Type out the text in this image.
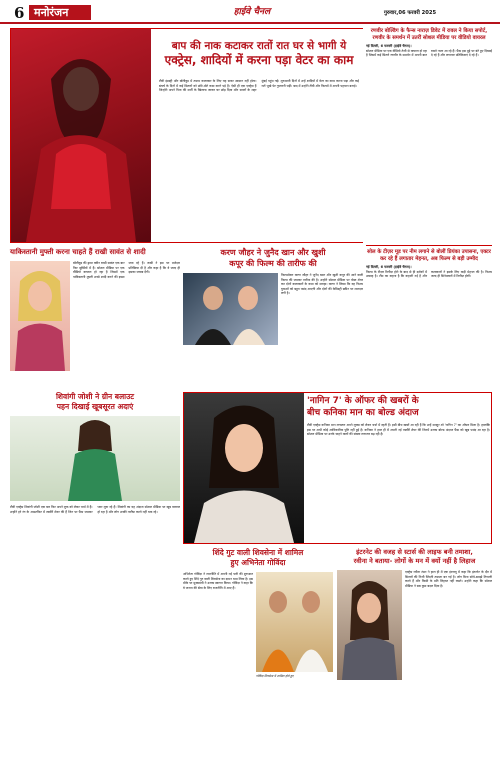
6 मनोरंजन	हाईवे चैनल	गुरुवार,06 फरवरी 2025
बाप की नाक कटाकर रातों रात घर से भागी ये
एक्ट्रेस, शादियों में करना पड़ा वेटर का काम
टीवी इंडस्ट्री और बॉलीवुड में तमाम कलाकार के लिए यह सफर आसान नहीं होता। संघर्ष के दिनों में कई सितारों को छोटे-मोटे काम करने पड़े हैं। ऐसी ही एक एक्ट्रेस हैं जिन्होंने अपने पिता की मर्जी के खिलाफ जाकर घर छोड़ दिया और सपनों के शहर मुंबई पहुंच गईं। शुरुआती दिनों में उन्हें शादियों में वेटर का काम करना पड़ा और कई रातें भूखे पेट गुजारनी पड़ीं। बाद में उन्होंने टीवी और फिल्मों में अपनी पहचान बनाई।
रणवीर बोल्डिंग के फैन्स नाराज़ डिवेट में रावल ने किया सपोर्ट, रणवीर के समर्थन में उतरीं सोशल मीडिया पर वीडियो वायरल
नई दिल्ली, 6 फरवरी (हाईवे चैनल)।
सोशल मीडिया पर एक वीडियो तेजी से वायरल हो रहा है जिसमें कई सितारे रणवीर के समर्थन में अपनी बात रखते नजर आ रहे हैं। फैंस इस मुद्दे पर बंटे हुए दिखाई दे रहे हैं और लगातार प्रतिक्रियाएं दे रहे हैं।
सोल के टीज़र मूड पर नीम लगाने से बोलीं प्रियंका उपासना, एक्टर कर रहे हैं लगातार मेहनत, अब फिल्म से बड़ी उम्मीद
नई दिल्ली, 6 फरवरी (हाईवे चैनल)।
फिल्म के टीज़र रिलीज़ होने के बाद से ही दर्शकों में उत्साह है। टीम का कहना है कि कहानी नई है और कलाकारों ने इसके लिए कड़ी मेहनत की है। फिल्म जल्द ही सिनेमाघरों में रिलीज़ होगी।
याकिस्तानी मुफ्ती करना चाहते हैं राखी सावंत से शादी
बॉलीवुड की ड्रामा क्वीन राखी सावंत एक बार फिर सुर्खियों में हैं। सोशल मीडिया पर एक वीडियो वायरल हो रहा है जिसमें एक पाकिस्तानी मुफ्ती उनसे शादी करने की इच्छा जता रहे हैं। राखी ने इस पर मजेदार प्रतिक्रिया दी है और कहा है कि वे जल्द ही इसका जवाब देंगी।
करण जौहर ने जुनैद खान और खुशी
कपूर की फिल्म की तारीफ की
फिल्ममेकर करण जौहर ने जुनैद खान और खुशी कपूर की आने वाली फिल्म की जमकर तारीफ की है। उन्होंने सोशल मीडिया पर पोस्ट शेयर कर दोनों कलाकारों के काम को सराहा। करण ने लिखा कि यह फिल्म युवाओं को बहुत पसंद आएगी और दोनों की केमिस्ट्री स्क्रीन पर शानदार लगी है।
शिवांगी जोशी ने ग्रीन बलाउट
पहन दिखाई खूबसूरत अदाएं
टीवी एक्ट्रेस शिवांगी जोशी एक बार फिर अपने लुक को लेकर चर्चा में हैं। उन्होंने हरे रंग के आउटफिट में तस्वीरें शेयर की हैं जिन पर फैंस जमकर प्यार लुटा रहे हैं। शिवांगी का यह अंदाज सोशल मीडिया पर खूब वायरल हो रहा है और लोग उनकी तारीफ करते नहीं थक रहे।
'नागिन 7' के ऑफर की खबरों के
बीच कनिका मान का बोल्ड अंदाज
टीवी एक्ट्रेस कनिका मान लगातार अपने लुक्स को लेकर चर्चा में रहती हैं। इसी बीच खबरें आ रही हैं कि उन्हें मशहूर शो 'नागिन 7' का ऑफर मिला है। हालांकि इस पर अभी कोई आधिकारिक पुष्टि नहीं हुई है। कनिका ने हाल ही में अपनी नई तस्वीरें शेयर कीं जिनमें उनका बोल्ड अंदाज फैंस को खूब पसंद आ रहा है। सोशल मीडिया पर उनके चाहने वालों की संख्या लगातार बढ़ रही है।
शिंदे गुट वाली शिवसेना में शामिल
हुए अभिनेता गोविंदा
अभिनेता गोविंदा ने राजनीति में अपनी नई पारी की शुरुआत करते हुए शिंदे गुट वाली शिवसेना का दामन थाम लिया है। इस मौके पर मुख्यमंत्री ने उनका स्वागत किया। गोविंदा ने कहा कि वे जनता की सेवा के लिए राजनीति में आए हैं।
गोविंदा शिवसेना में शामिल होते हुए
इंटरनेट की वजह से स्टार्स की लाइफ बनी तमाशा,
रवीना ने बताया- लोगों के मन में क्यों नहीं है लिहाज
एक्ट्रेस रवीना टंडन ने हाल ही में एक इंटरव्यू में कहा कि इंटरनेट के दौर में सितारों की निजी जिंदगी तमाशा बन गई है। लोग बिना सोचे-समझे टिप्पणी करते हैं और किसी के प्रति लिहाज नहीं रखते। उन्होंने कहा कि सोशल मीडिया ने सब कुछ बदल दिया है।
